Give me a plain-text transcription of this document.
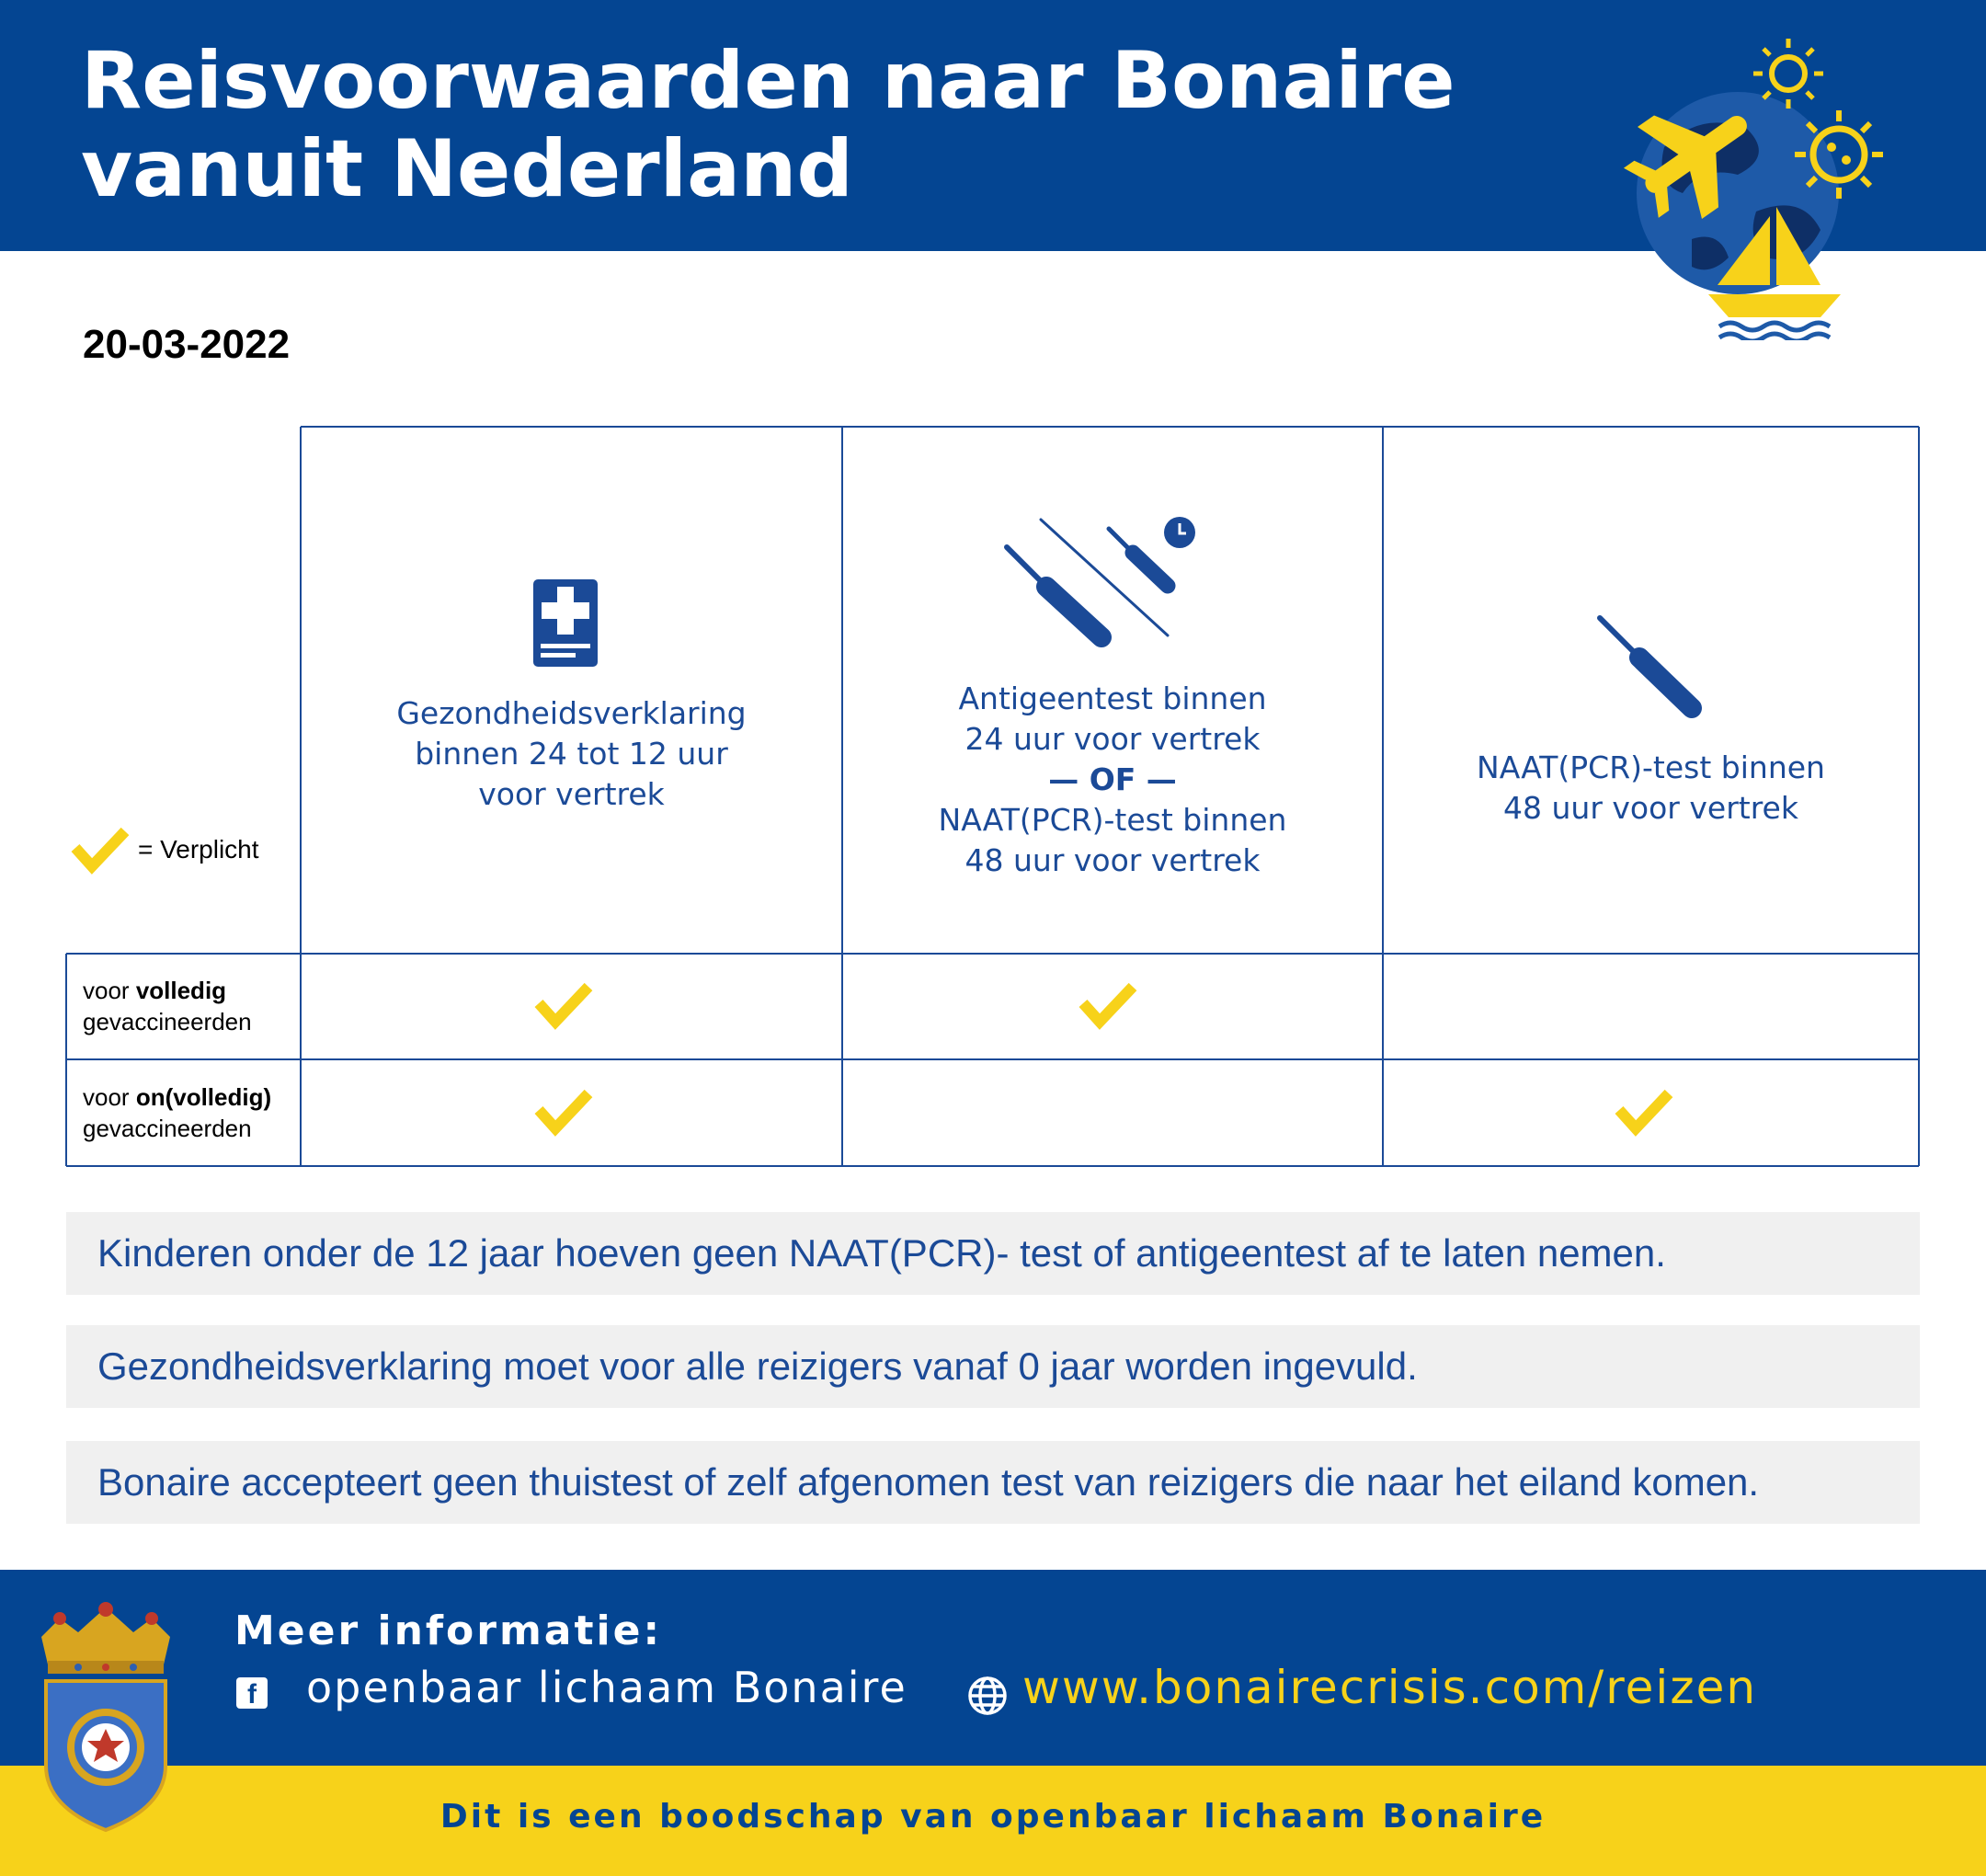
Reisvoorwaarden naar Bonaire
vanuit Nederland
20-03-2022
Gezondheidsverklaring
binnen 24 tot 12 uur
voor vertrek
Antigeentest binnen
24 uur voor vertrek
— OF —
NAAT(PCR)-test binnen
48 uur voor vertrek
NAAT(PCR)-test binnen
48 uur voor vertrek
= Verplicht
voor volledig
gevaccineerden
voor on(volledig)
gevaccineerden
Kinderen onder de 12 jaar hoeven geen NAAT(PCR)- test of antigeentest af te laten nemen.
Gezondheidsverklaring moet voor alle reizigers vanaf 0 jaar worden ingevuld.
Bonaire accepteert geen thuistest of zelf afgenomen test van reizigers die naar het eiland komen.
Meer informatie:
f openbaar lichaam Bonaire	www.bonairecrisis.com/reizen
Dit is een boodschap van openbaar lichaam Bonaire
